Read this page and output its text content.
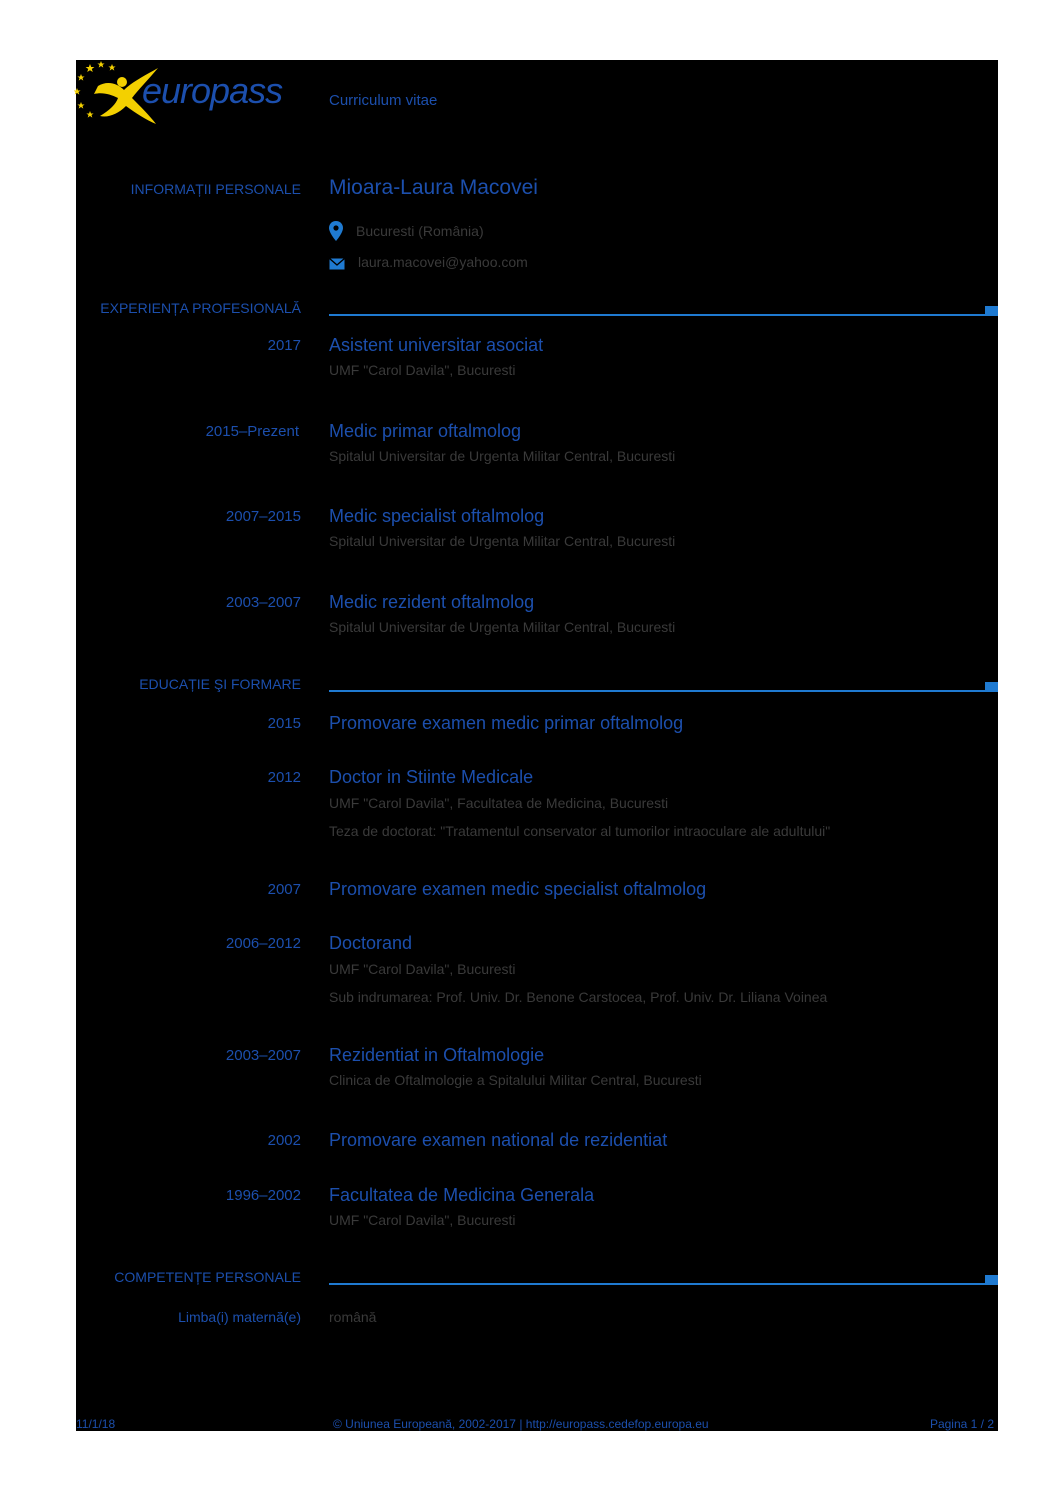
europass	Curriculum vitae
INFORMAȚII PERSONALE Mioara-Laura Macovei
Bucuresti (România)
laura.macovei@yahoo.com
EXPERIENȚA PROFESIONALĂ
2017 Asistent universitar asociat
UMF "Carol Davila", Bucuresti
2015–Prezent Medic primar oftalmolog
Spitalul Universitar de Urgenta Militar Central, Bucuresti
2007–2015 Medic specialist oftalmolog
Spitalul Universitar de Urgenta Militar Central, Bucuresti
2003–2007 Medic rezident oftalmolog
Spitalul Universitar de Urgenta Militar Central, Bucuresti
EDUCAȚIE ŞI FORMARE
2015 Promovare examen medic primar oftalmolog
2012 Doctor in Stiinte Medicale
UMF "Carol Davila", Facultatea de Medicina, Bucuresti
Teza de doctorat: "Tratamentul conservator al tumorilor intraoculare ale adultului"
2007 Promovare examen medic specialist oftalmolog
2006–2012 Doctorand
UMF "Carol Davila", Bucuresti
Sub indrumarea: Prof. Univ. Dr. Benone Carstocea, Prof. Univ. Dr. Liliana Voinea
2003–2007 Rezidentiat in Oftalmologie
Clinica de Oftalmologie a Spitalului Militar Central, Bucuresti
2002 Promovare examen national de rezidentiat
1996–2002 Facultatea de Medicina Generala
UMF "Carol Davila", Bucuresti
COMPETENȚE PERSONALE
Limba(i) maternă(e) română
11/1/18	© Uniunea Europeană, 2002-2017 | http://europass.cedefop.europa.eu	Pagina 1 / 2
